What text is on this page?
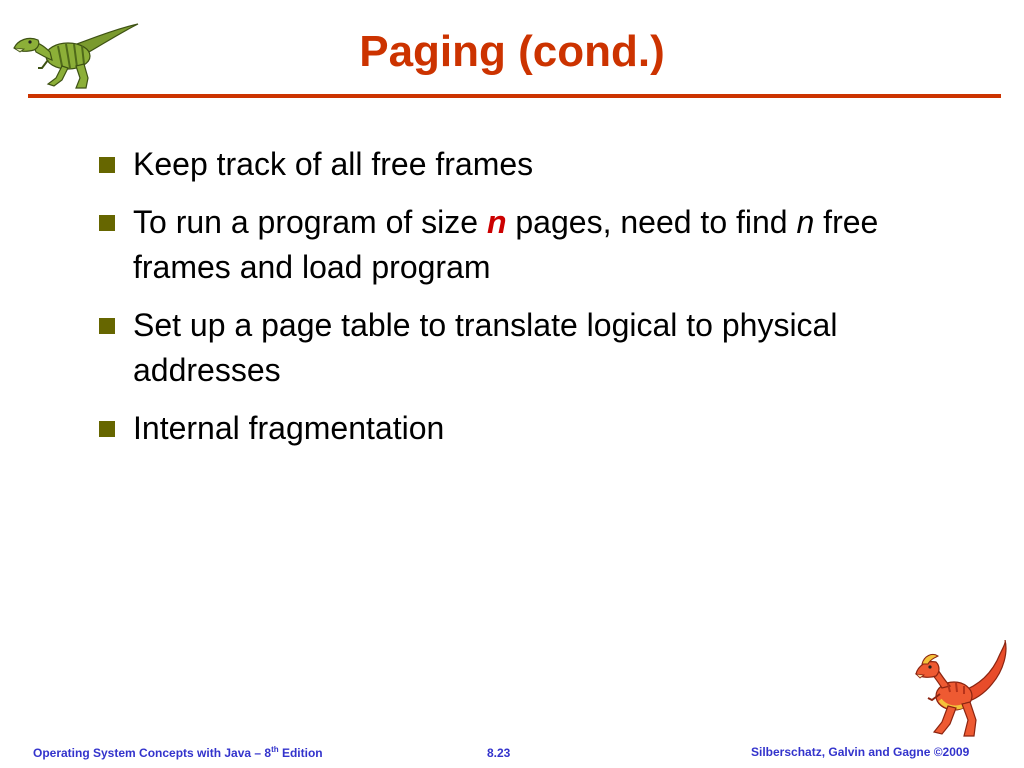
Paging (cond.)
Keep track of all free frames
To run a program of size n pages, need to find n free frames and load program
Set up a page table to translate logical to physical addresses
Internal fragmentation
Operating System Concepts with Java – 8th Edition	8.23	Silberschatz, Galvin and Gagne ©2009
